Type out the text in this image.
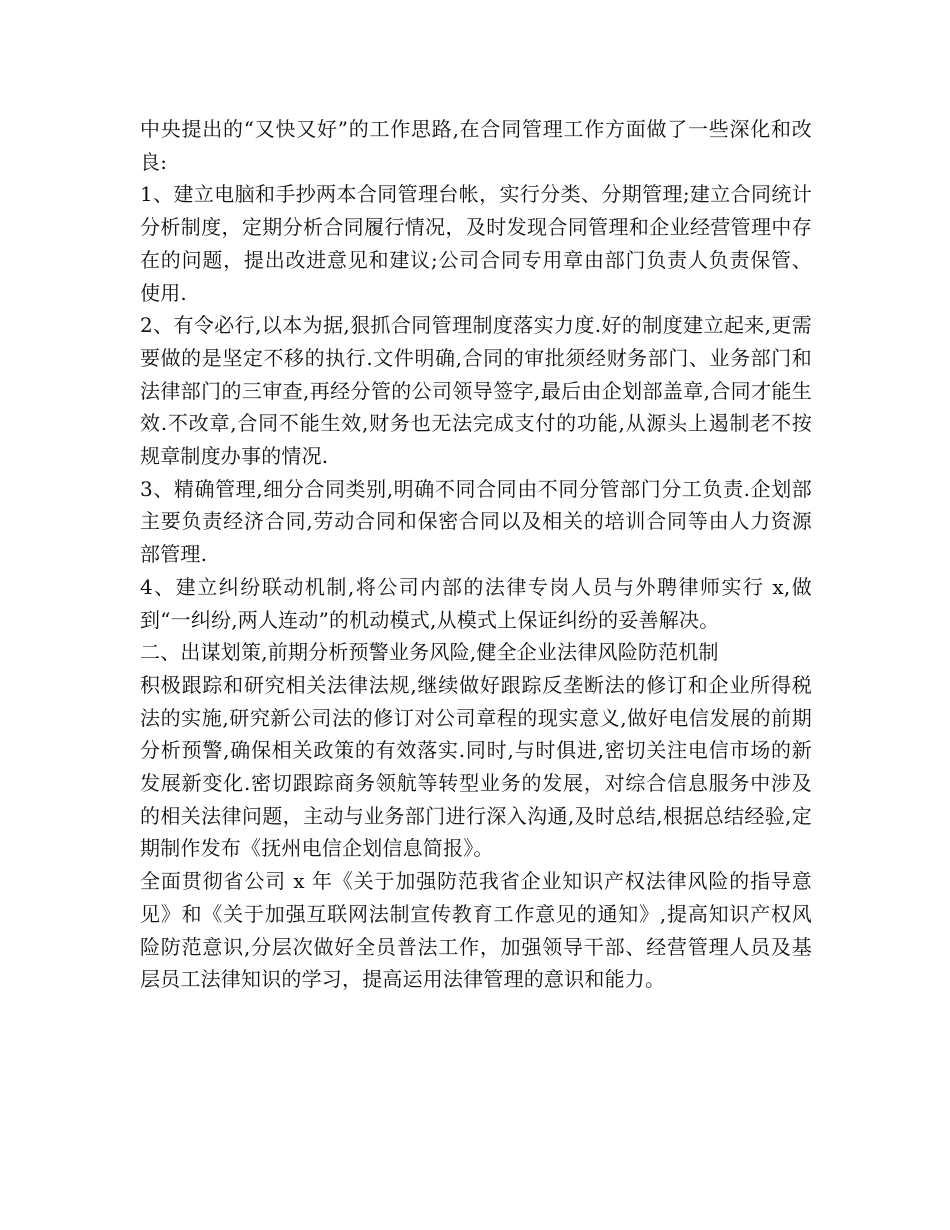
中央提出的“又快又好”的工作思路,在合同管理工作方面做了一些深化和改良:

1、建立电脑和手抄两本合同管理台帐，实行分类、分期管理;建立合同统计分析制度，定期分析合同履行情况，及时发现合同管理和企业经营管理中存在的问题，提出改进意见和建议;公司合同专用章由部门负责人负责保管、使用.

2、有令必行,以本为据,狠抓合同管理制度落实力度.好的制度建立起来,更需要做的是坚定不移的执行.文件明确,合同的审批须经财务部门、业务部门和法律部门的三审查,再经分管的公司领导签字,最后由企划部盖章,合同才能生效.不改章,合同不能生效,财务也无法完成支付的功能,从源头上遏制老不按规章制度办事的情况.

3、精确管理,细分合同类别,明确不同合同由不同分管部门分工负责.企划部主要负责经济合同,劳动合同和保密合同以及相关的培训合同等由人力资源部管理.

4、建立纠纷联动机制,将公司内部的法律专岗人员与外聘律师实行 x,做到“一纠纷,两人连动”的机动模式,从模式上保证纠纷的妥善解决。

二、出谋划策,前期分析预警业务风险,健全企业法律风险防范机制

积极跟踪和研究相关法律法规,继续做好跟踪反垄断法的修订和企业所得税法的实施,研究新公司法的修订对公司章程的现实意义,做好电信发展的前期分析预警,确保相关政策的有效落实.同时,与时俱进,密切关注电信市场的新发展新变化.密切跟踪商务领航等转型业务的发展，对综合信息服务中涉及的相关法律问题，主动与业务部门进行深入沟通,及时总结,根据总结经验,定期制作发布《抚州电信企划信息简报》。

全面贯彻省公司 x 年《关于加强防范我省企业知识产权法律风险的指导意见》和《关于加强互联网法制宣传教育工作意见的通知》,提高知识产权风险防范意识,分层次做好全员普法工作，加强领导干部、经营管理人员及基层员工法律知识的学习，提高运用法律管理的意识和能力。
